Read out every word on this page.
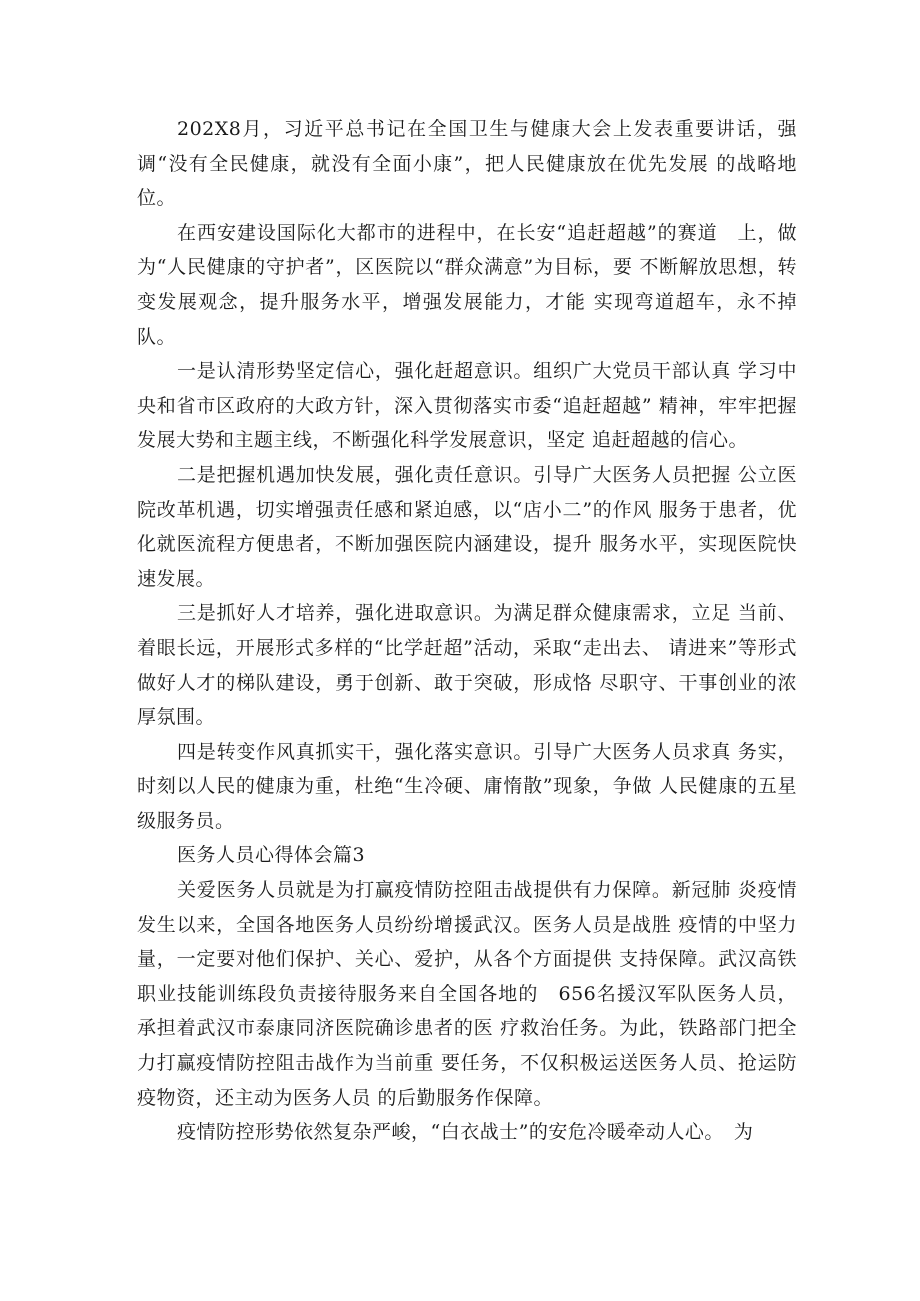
202X8月，习近平总书记在全国卫生与健康大会上发表重要讲话，强调“没有全民健康，就没有全面小康”，把人民健康放在优先发展 的战略地位。

在西安建设国际化大都市的进程中，在长安“追赶超越”的赛道　上，做为“人民健康的守护者”，区医院以“群众满意”为目标，要 不断解放思想，转变发展观念，提升服务水平，增强发展能力，才能 实现弯道超车，永不掉队。

一是认清形势坚定信心，强化赶超意识。组织广大党员干部认真 学习中央和省市区政府的大政方针，深入贯彻落实市委“追赶超越” 精神，牢牢把握发展大势和主题主线，不断强化科学发展意识，坚定 追赶超越的信心。

二是把握机遇加快发展，强化责任意识。引导广大医务人员把握 公立医院改革机遇，切实增强责任感和紧迫感，以“店小二”的作风 服务于患者，优化就医流程方便患者，不断加强医院内涵建设，提升 服务水平，实现医院快速发展。

三是抓好人才培养，强化进取意识。为满足群众健康需求，立足 当前、着眼长远，开展形式多样的“比学赶超”活动，采取“走出去、 请进来”等形式做好人才的梯队建设，勇于创新、敢于突破，形成恪 尽职守、干事创业的浓厚氛围。

四是转变作风真抓实干，强化落实意识。引导广大医务人员求真 务实，时刻以人民的健康为重，杜绝“生冷硬、庸惰散”现象，争做 人民健康的五星级服务员。

医务人员心得体会篇3

关爱医务人员就是为打赢疫情防控阻击战提供有力保障。新冠肺 炎疫情发生以来，全国各地医务人员纷纷增援武汉。医务人员是战胜 疫情的中坚力量，一定要对他们保护、关心、爱护，从各个方面提供 支持保障。武汉高铁职业技能训练段负责接待服务来自全国各地的　656名援汉军队医务人员，承担着武汉市泰康同济医院确诊患者的医 疗救治任务。为此，铁路部门把全力打赢疫情防控阻击战作为当前重 要任务，不仅积极运送医务人员、抢运防疫物资，还主动为医务人员 的后勤服务作保障。

疫情防控形势依然复杂严峻，“白衣战士”的安危冷暖牵动人心。　为
